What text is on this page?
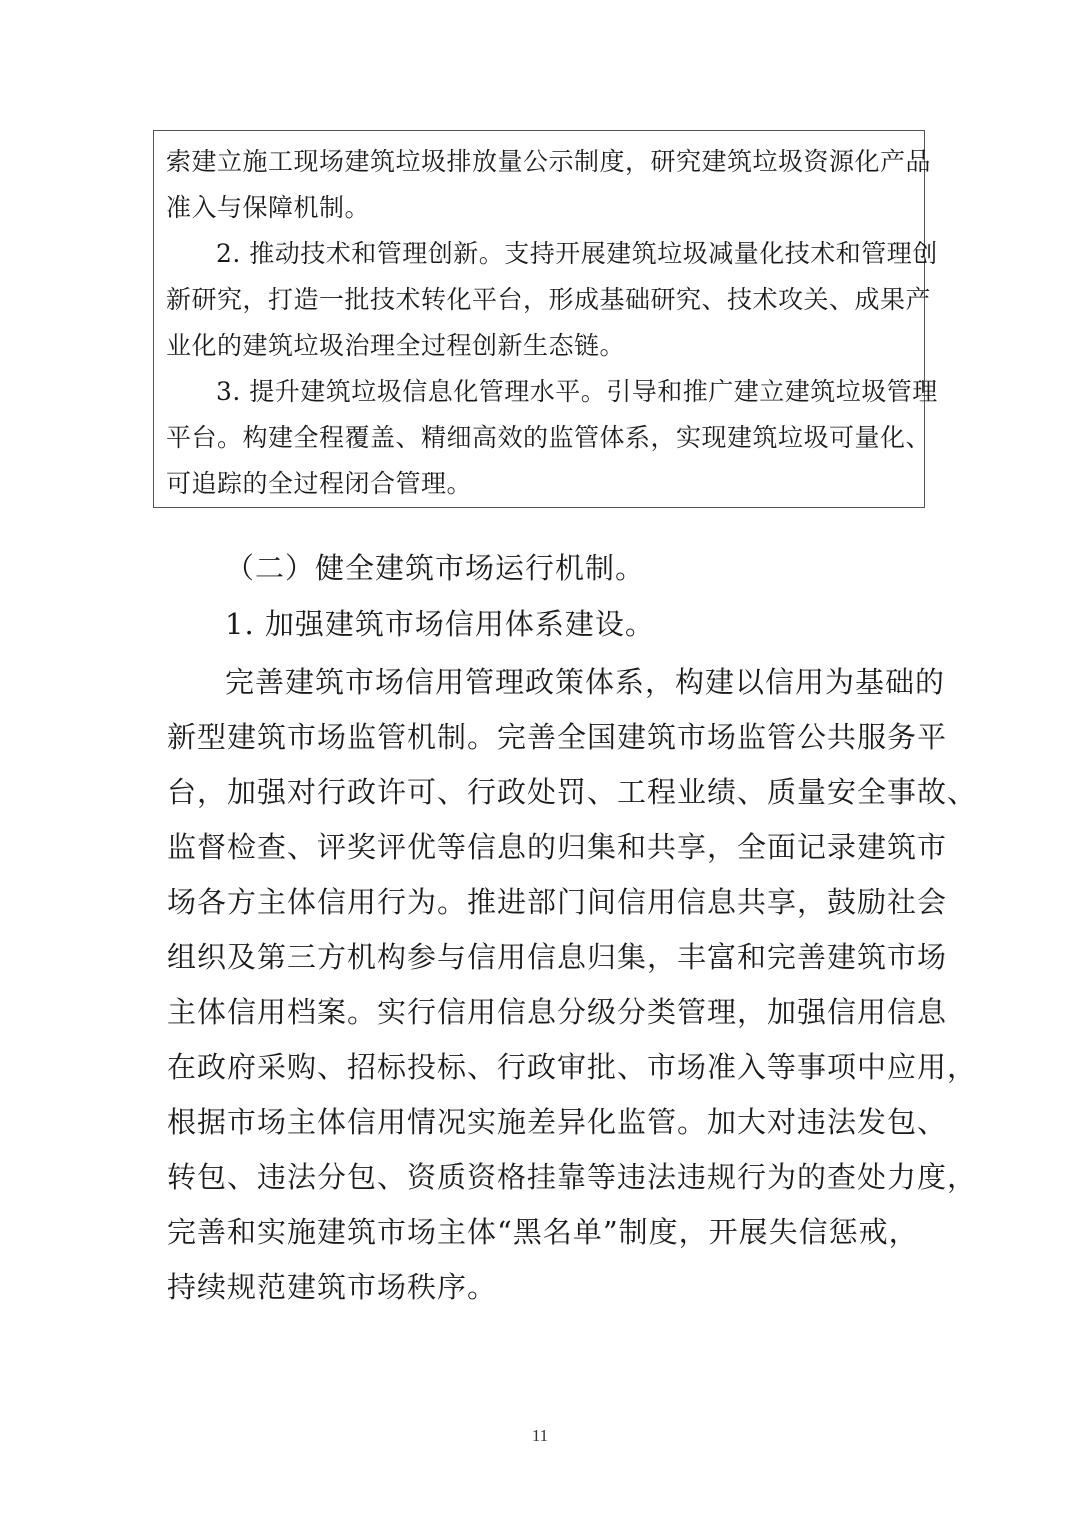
索建立施工现场建筑垃圾排放量公示制度，研究建筑垃圾资源化产品
准入与保障机制。
2. 推动技术和管理创新。支持开展建筑垃圾减量化技术和管理创
新研究，打造一批技术转化平台，形成基础研究、技术攻关、成果产
业化的建筑垃圾治理全过程创新生态链。
3. 提升建筑垃圾信息化管理水平。引导和推广建立建筑垃圾管理
平台。构建全程覆盖、精细高效的监管体系，实现建筑垃圾可量化、
可追踪的全过程闭合管理。
（二）健全建筑市场运行机制。
1. 加强建筑市场信用体系建设。
完善建筑市场信用管理政策体系，构建以信用为基础的
新型建筑市场监管机制。完善全国建筑市场监管公共服务平
台，加强对行政许可、行政处罚、工程业绩、质量安全事故、
监督检查、评奖评优等信息的归集和共享，全面记录建筑市
场各方主体信用行为。推进部门间信用信息共享，鼓励社会
组织及第三方机构参与信用信息归集，丰富和完善建筑市场
主体信用档案。实行信用信息分级分类管理，加强信用信息
在政府采购、招标投标、行政审批、市场准入等事项中应用，
根据市场主体信用情况实施差异化监管。加大对违法发包、
转包、违法分包、资质资格挂靠等违法违规行为的查处力度，
完善和实施建筑市场主体“黑名单”制度，开展失信惩戒，
持续规范建筑市场秩序。
11
